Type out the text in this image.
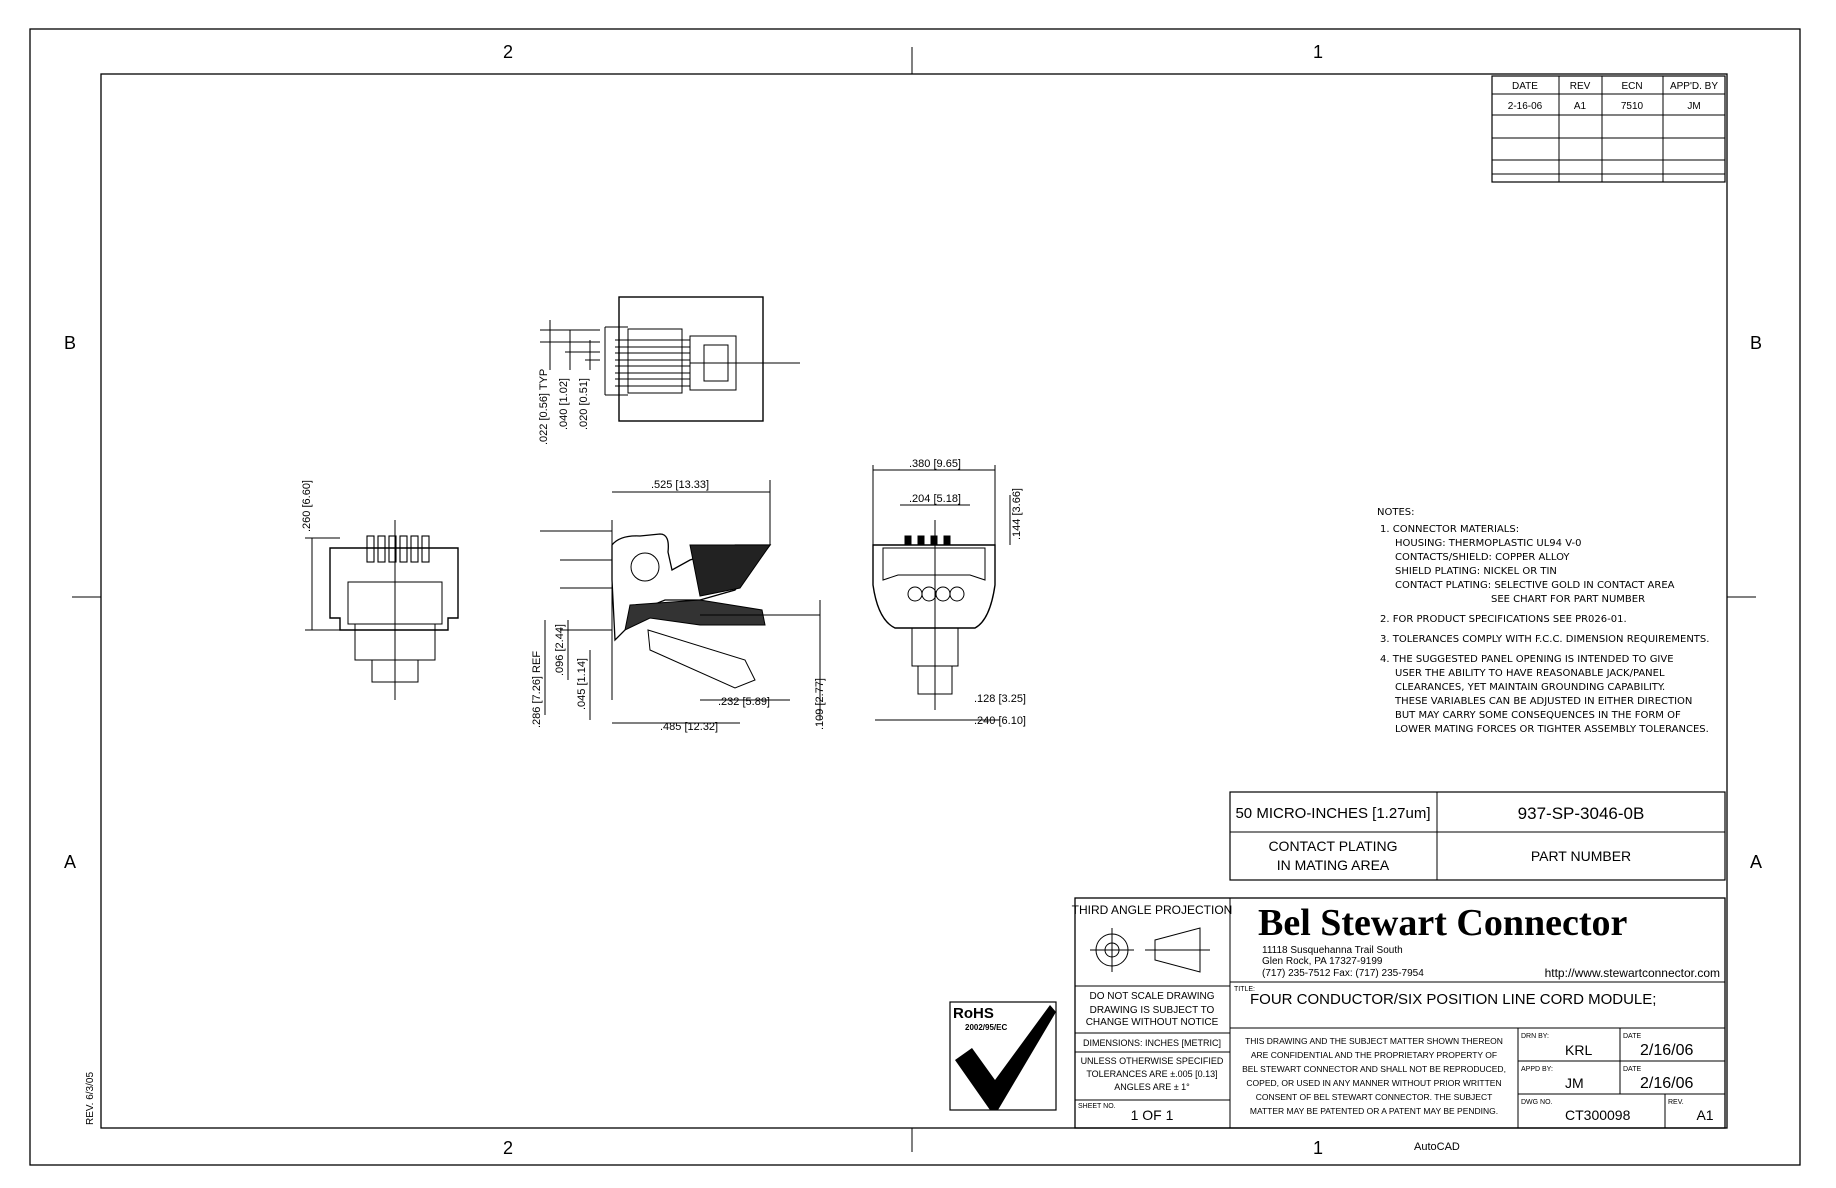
2	1
2	1
B
A
B
A
DATE	REV	ECN	APP'D. BY
2-16-06	A1	7510	JM
.022 [0.56] TYP .040 [1.02] .020 [0.51]
.260 [6.60]	.525 [13.33]
.286 [7.26] REF
.096 [2.44]
.045 [1.14]	.232 [5.89]
.485 [12.32]	.109 [2.77]
.380 [9.65]
.204 [5.18]	.144 [3.66]
.128 [3.25]
.240 [6.10]
NOTES:
1. CONNECTOR MATERIALS:
HOUSING: THERMOPLASTIC UL94 V-0
CONTACTS/SHIELD: COPPER ALLOY
SHIELD PLATING: NICKEL OR TIN
CONTACT PLATING: SELECTIVE GOLD IN CONTACT AREA
SEE CHART FOR PART NUMBER
2. FOR PRODUCT SPECIFICATIONS SEE PR026-01.
3. TOLERANCES COMPLY WITH F.C.C. DIMENSION REQUIREMENTS.
4. THE SUGGESTED PANEL OPENING IS INTENDED TO GIVE
USER THE ABILITY TO HAVE REASONABLE JACK/PANEL
CLEARANCES, YET MAINTAIN GROUNDING CAPABILITY.
THESE VARIABLES CAN BE ADJUSTED IN EITHER DIRECTION
BUT MAY CARRY SOME CONSEQUENCES IN THE FORM OF
LOWER MATING FORCES OR TIGHTER ASSEMBLY TOLERANCES.
50 MICRO-INCHES [1.27um]	937-SP-3046-0B
CONTACT PLATING
IN MATING AREA
PART NUMBER
RoHS
2002/95/EC
THIRD ANGLE PROJECTION
DO NOT SCALE DRAWING
DRAWING IS SUBJECT TO
CHANGE WITHOUT NOTICE
DIMENSIONS: INCHES [METRIC]
UNLESS OTHERWISE SPECIFIED
TOLERANCES ARE ±.005 [0.13]
ANGLES ARE ± 1°
SHEET NO.
1 OF 1
Bel Stewart Connector
11118 Susquehanna Trail South
Glen Rock, PA 17327-9199
(717) 235-7512 Fax: (717) 235-7954	http://www.stewartconnector.com
TITLE:
FOUR CONDUCTOR/SIX POSITION LINE CORD MODULE;
THIS DRAWING AND THE SUBJECT MATTER SHOWN THEREON
ARE CONFIDENTIAL AND THE PROPRIETARY PROPERTY OF
BEL STEWART CONNECTOR AND SHALL NOT BE REPRODUCED,
COPED, OR USED IN ANY MANNER WITHOUT PRIOR WRITTEN
CONSENT OF BEL STEWART CONNECTOR. THE SUBJECT
MATTER MAY BE PATENTED OR A PATENT MAY BE PENDING.
DRN BY:
KRL
DATE
2/16/06
APPD BY:
JM
DATE
2/16/06
DWG NO.
CT300098
REV.
A1
AutoCAD
REV. 6/3/05
